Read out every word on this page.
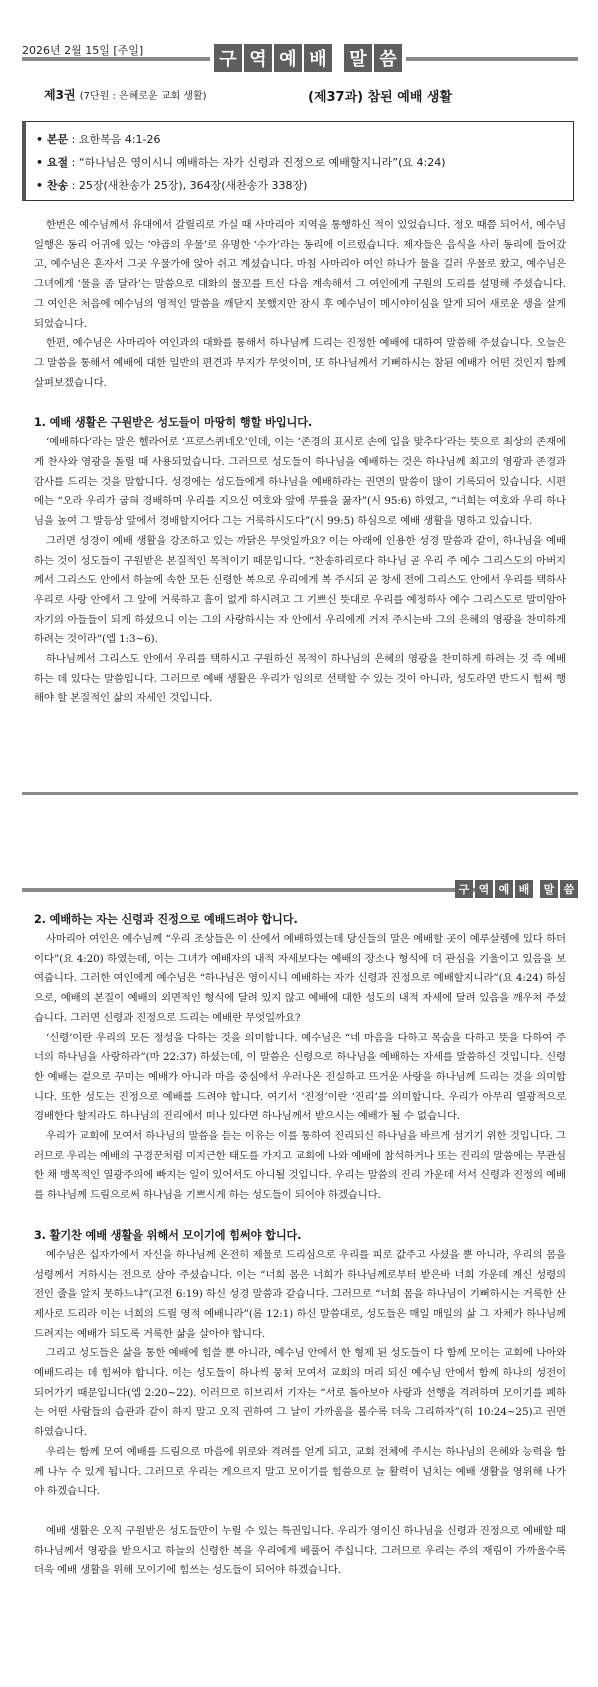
2026년 2월 15일 [주일]	구 역 예 배 말 씀
제3권 (7단원 : 은혜로운 교회 생활)	(제37과) 참된 예배 생활
• 본문 : 요한복음 4:1-26
• 요절 : “하나님은 영이시니 예배하는 자가 신령과 진정으로 예배할지니라”(요 4:24)
• 찬송 : 25장(새찬송가 25장), 364장(새찬송가 338장)

한번은 예수님께서 유대에서 갈릴리로 가실 때 사마리아 지역을 통행하신 적이 있었습니다. 정오 때쯤 되어서, 예수님 일행은 동리 어귀에 있는 ‘야곱의 우물’로 유명한 ‘수가’라는 동리에 이르렀습니다. 제자들은 음식을 사러 동리에 들어갔고, 예수님은 혼자서 그곳 우물가에 앉아 쉬고 계셨습니다. 마침 사마리아 여인 하나가 물을 길러 우물로 왔고, 예수님은 그녀에게 ‘물을 좀 달라’는 말씀으로 대화의 물꼬를 트신 다음 계속해서 그 여인에게 구원의 도리를 설명해 주셨습니다. 그 여인은 처음에 예수님의 영적인 말씀을 깨닫지 못했지만 잠시 후 예수님이 메시야이심을 알게 되어 새로운 생을 살게 되었습니다.

한편, 예수님은 사마리아 여인과의 대화를 통해서 하나님께 드리는 진정한 예배에 대하여 말씀해 주셨습니다. 오늘은 그 말씀을 통해서 예배에 대한 일반의 편견과 무지가 무엇이며, 또 하나님께서 기뻐하시는 참된 예배가 어떤 것인지 함께 살펴보겠습니다.

1. 예배 생활은 구원받은 성도들이 마땅히 행할 바입니다.

‘예배하다’라는 말은 헬라어로 ‘프로스퀴네오’인데, 이는 ‘존경의 표시로 손에 입을 맞추다’라는 뜻으로 최상의 존재에게 찬사와 영광을 돌릴 때 사용되었습니다. 그러므로 성도들이 하나님을 예배하는 것은 하나님께 최고의 영광과 존경과 감사를 드리는 것을 말합니다. 성경에는 성도들에게 하나님을 예배하라는 권면의 말씀이 많이 기록되어 있습니다. 시편에는 “오라 우리가 굽혀 경배하며 우리를 지으신 여호와 앞에 무릎을 꿇자”(시 95:6) 하였고, “너희는 여호와 우리 하나님을 높여 그 발등상 앞에서 경배할지어다 그는 거룩하시도다”(시 99:5) 하심으로 예배 생활을 명하고 있습니다.

그러면 성경이 예배 생활을 강조하고 있는 까닭은 무엇일까요? 이는 아래에 인용한 성경 말씀과 같이, 하나님을 예배하는 것이 성도들이 구원받은 본질적인 목적이기 때문입니다. “찬송하리로다 하나님 곧 우리 주 예수 그리스도의 아버지께서 그리스도 안에서 하늘에 속한 모든 신령한 복으로 우리에게 복 주시되 곧 창세 전에 그리스도 안에서 우리를 택하사 우리로 사랑 안에서 그 앞에 거룩하고 흠이 없게 하시려고 그 기쁘신 뜻대로 우리를 예정하사 예수 그리스도로 말미암아 자기의 아들들이 되게 하셨으니 이는 그의 사랑하시는 자 안에서 우리에게 거저 주시는바 그의 은혜의 영광을 찬미하게 하려는 것이라”(엡 1:3~6).

하나님께서 그리스도 안에서 우리를 택하시고 구원하신 목적이 하나님의 은혜의 영광을 찬미하게 하려는 것 즉 예배하는 데 있다는 말씀입니다. 그러므로 예배 생활은 우리가 임의로 선택할 수 있는 것이 아니라, 성도라면 반드시 힘써 행해야 할 본질적인 삶의 자세인 것입니다.

구 역 예 배	말 씀
2. 예배하는 자는 신령과 진정으로 예배드려야 합니다.

사마리아 여인은 예수님께 “우리 조상들은 이 산에서 예배하였는데 당신들의 말은 예배할 곳이 예루살렘에 있다 하더이다”(요 4:20) 하였는데, 이는 그녀가 예배자의 내적 자세보다는 예배의 장소나 형식에 더 관심을 기울이고 있음을 보여줍니다. 그러한 여인에게 예수님은 “하나님은 영이시니 예배하는 자가 신령과 진정으로 예배할지니라”(요 4:24) 하심으로, 예배의 본질이 예배의 외면적인 형식에 달려 있지 않고 예배에 대한 성도의 내적 자세에 달려 있음을 깨우쳐 주셨습니다. 그러면 신령과 진정으로 드리는 예배란 무엇일까요?

‘신령’이란 우리의 모든 정성을 다하는 것을 의미합니다. 예수님은 “네 마음을 다하고 목숨을 다하고 뜻을 다하여 주 너의 하나님을 사랑하라”(마 22:37) 하셨는데, 이 말씀은 신령으로 하나님을 예배하는 자세를 말씀하신 것입니다. 신령한 예배는 겉으로 꾸미는 예배가 아니라 마음 중심에서 우러나온 진실하고 뜨거운 사랑을 하나님께 드리는 것을 의미합니다. 또한 성도는 진정으로 예배를 드려야 합니다. 여기서 ‘진정’이란 ‘진리’를 의미합니다. 우리가 아무리 열광적으로 경배한다 할지라도 하나님의 진리에서 떠나 있다면 하나님께서 받으시는 예배가 될 수 없습니다.

우리가 교회에 모여서 하나님의 말씀을 듣는 이유는 이를 통하여 진리되신 하나님을 바르게 섬기기 위한 것입니다. 그러므로 우리는 예배의 구경꾼처럼 미지근한 태도를 가지고 교회에 나와 예배에 참석하거나 또는 진리의 말씀에는 무관심한 채 맹목적인 열광주의에 빠지는 일이 있어서도 아니될 것입니다. 우리는 말씀의 진리 가운데 서서 신령과 진정의 예배를 하나님께 드림으로써 하나님을 기쁘시게 하는 성도들이 되어야 하겠습니다.

3. 활기찬 예배 생활을 위해서 모이기에 힘써야 합니다.

예수님은 십자가에서 자신을 하나님께 온전히 제물로 드리심으로 우리를 피로 값주고 사셨을 뿐 아니라, 우리의 몸을 성령께서 거하시는 전으로 삼아 주셨습니다. 이는 “너희 몸은 너희가 하나님께로부터 받은바 너희 가운데 계신 성령의 전인 줄을 알지 못하느냐”(고전 6:19) 하신 성경 말씀과 같습니다. 그러므로 “너희 몸을 하나님이 기뻐하시는 거룩한 산 제사로 드리라 이는 너희의 드릴 영적 예배니라”(롬 12:1) 하신 말씀대로, 성도들은 매일 매일의 삶 그 자체가 하나님께 드려지는 예배가 되도록 거룩한 삶을 살아야 합니다.

그리고 성도들은 삶을 통한 예배에 힘쓸 뿐 아니라, 예수님 안에서 한 형제 된 성도들이 다 함께 모이는 교회에 나아와 예배드리는 데 힘써야 합니다. 이는 성도들이 하나씩 뭉쳐 모여서 교회의 머리 되신 예수님 안에서 함께 하나의 성전이 되어가기 때문입니다(엡 2:20~22). 이러므로 히브리서 기자는 “서로 돌아보아 사랑과 선행을 격려하며 모이기를 폐하는 어떤 사람들의 습관과 같이 하지 말고 오직 권하여 그 날이 가까움을 볼수록 더욱 그리하자”(히 10:24~25)고 권면하였습니다.

우리는 함께 모여 예배를 드림으로 마음에 위로와 격려를 얻게 되고, 교회 전체에 주시는 하나님의 은혜와 능력을 함께 나누 수 있게 됩니다. 그러므로 우리는 게으르지 말고 모이기를 힘씀으로 늘 활력이 넘치는 예배 생활을 영위해 나가야 하겠습니다.

예배 생활은 오직 구원받은 성도들만이 누릴 수 있는 특권입니다. 우리가 영이신 하나님을 신령과 진정으로 예배할 때 하나님께서 영광을 받으시고 하늘의 신령한 복을 우리에게 베풀어 주십니다. 그러므로 우리는 주의 재림이 가까울수록 더욱 예배 생활을 위해 모이기에 힘쓰는 성도들이 되어야 하겠습니다.
